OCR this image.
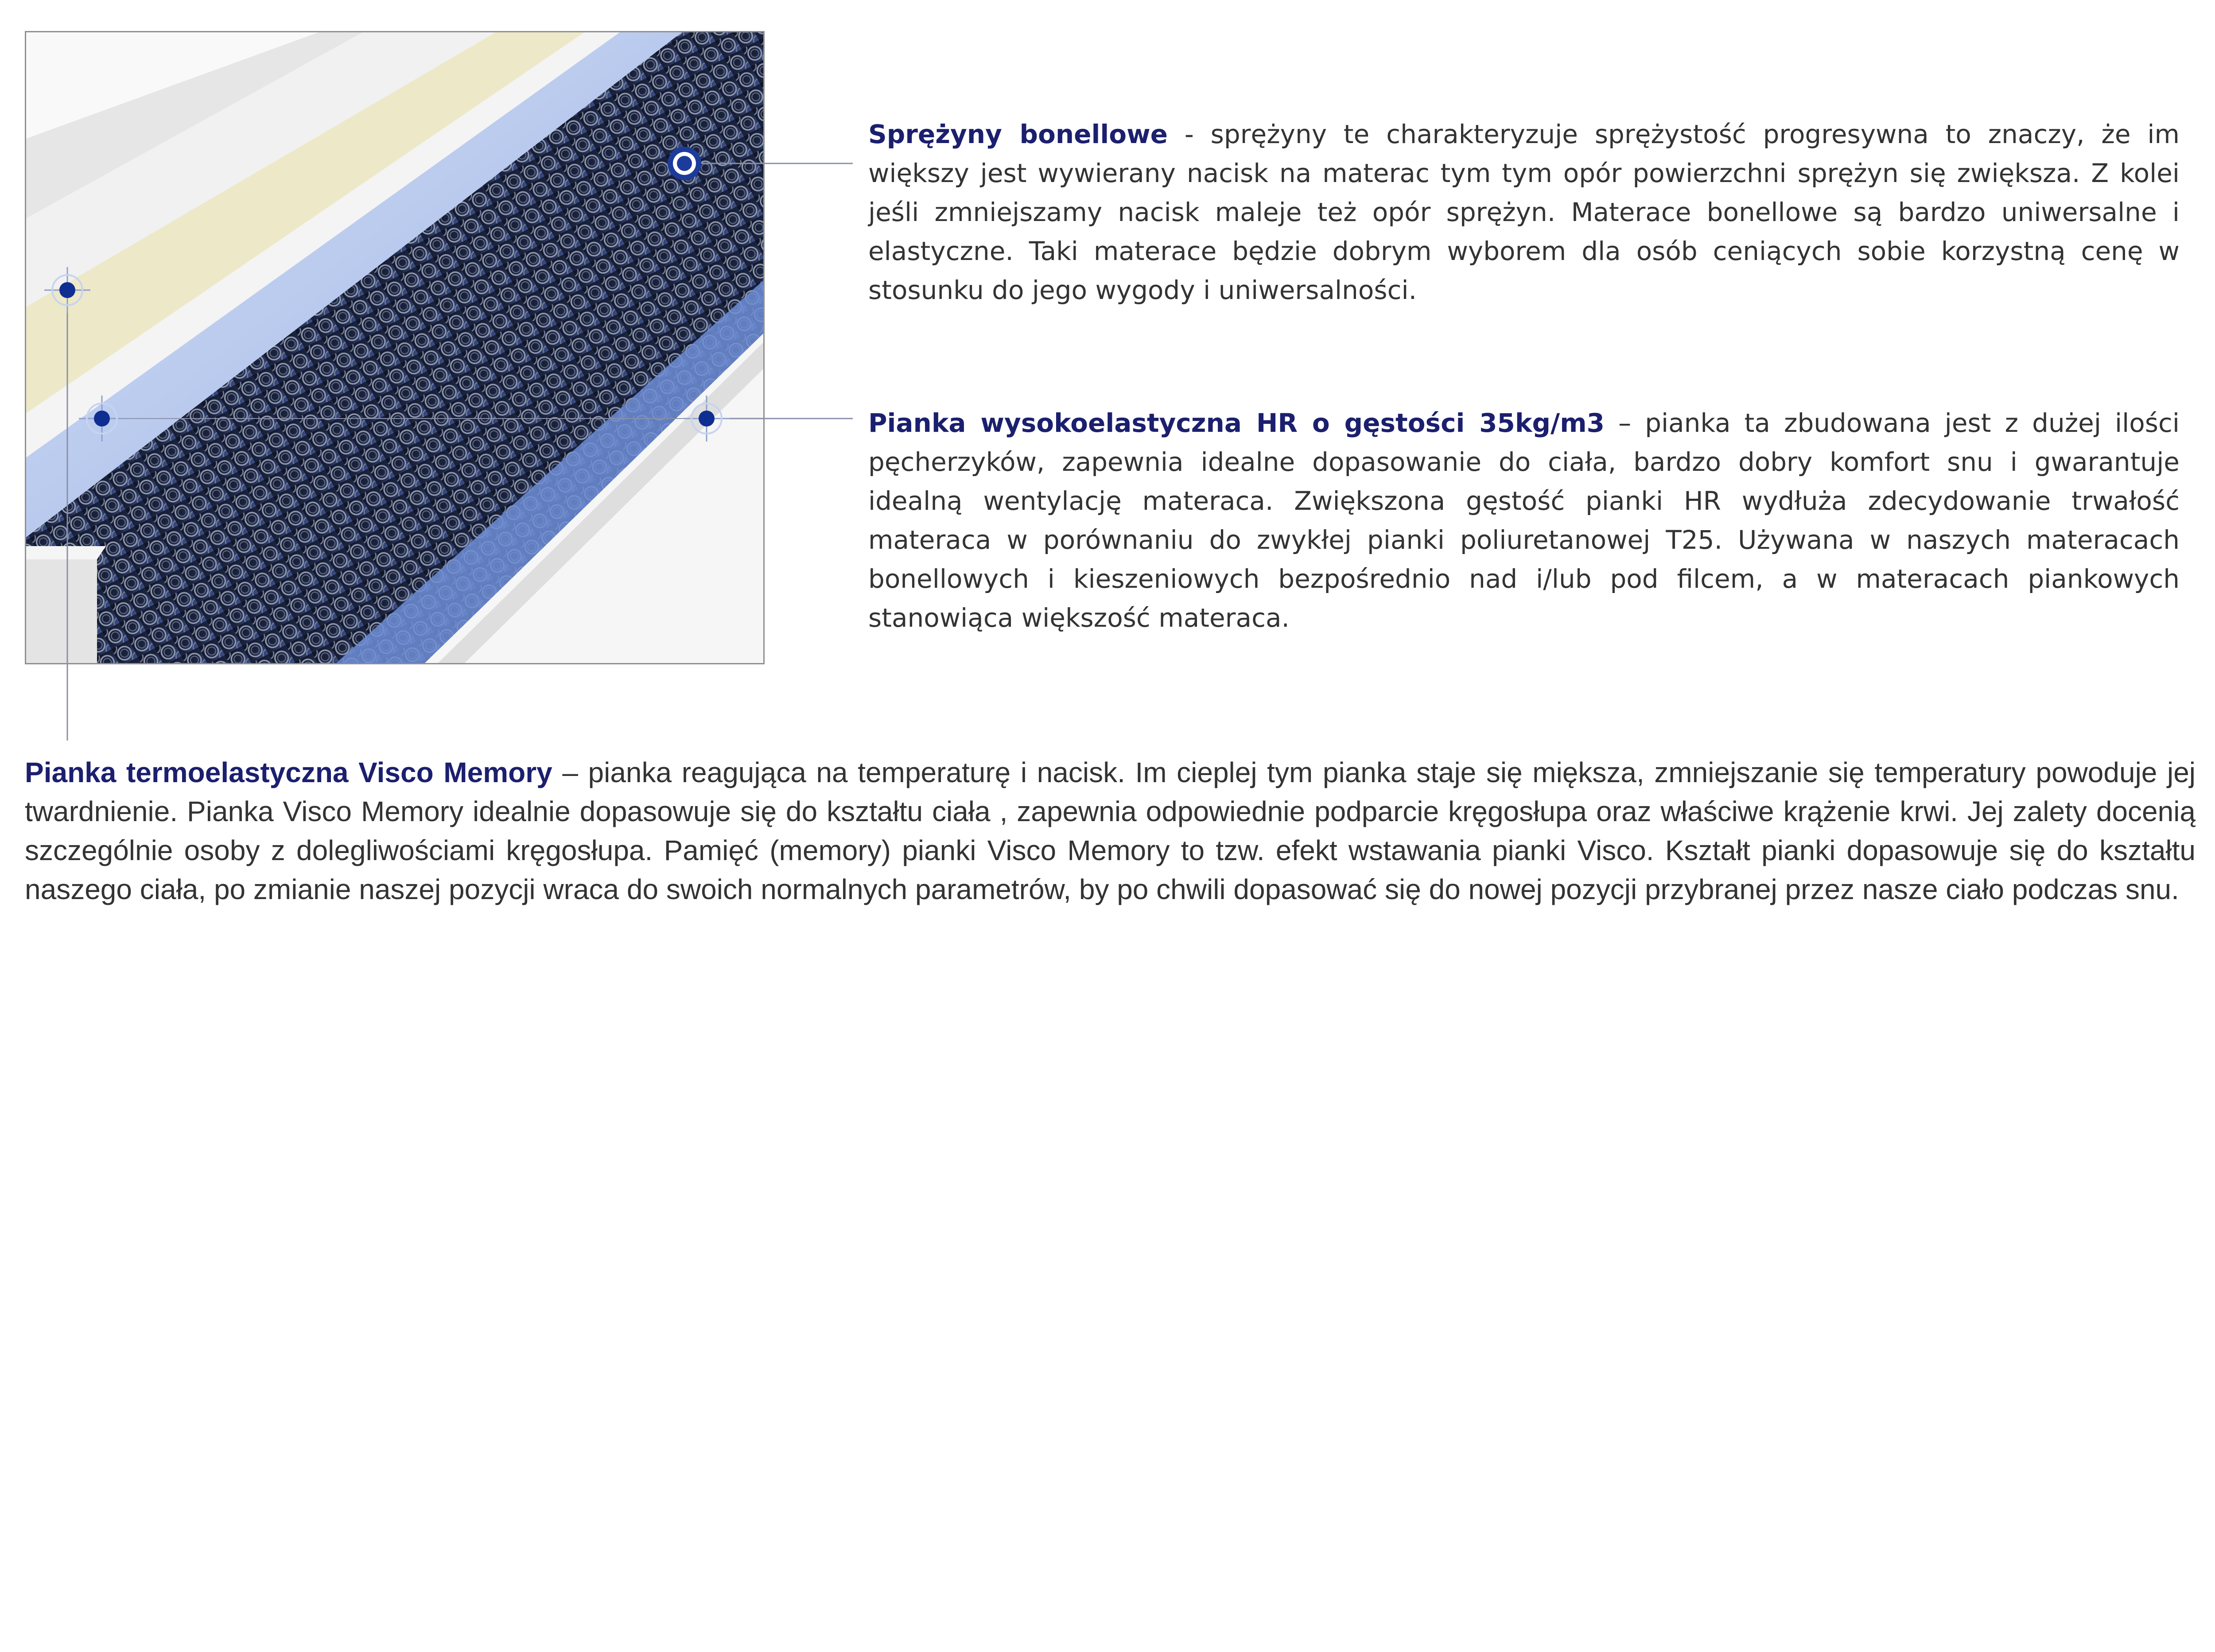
Sprężyny bonellowe - sprężyny te charakteryzuje sprężystość progresywna to znaczy, że im większy jest wywierany nacisk na materac tym tym opór powierzchni sprężyn się zwiększa. Z kolei jeśli zmniejszamy nacisk maleje też opór sprężyn. Materace bonellowe są bardzo uniwersalne i elastyczne. Taki materace będzie dobrym wyborem dla osób ceniących sobie korzystną cenę w stosunku do jego wygody i uniwersalności.

Pianka wysokoelastyczna HR o gęstości 35kg/m3 – pianka ta zbudowana jest z dużej ilości pęcherzyków, zapewnia idealne dopasowanie do ciała, bardzo dobry komfort snu i gwarantuje idealną wentylację materaca. Zwiększona gęstość pianki HR wydłuża zdecydowanie trwałość materaca w porównaniu do zwykłej pianki poliuretanowej T25. Używana w naszych materacach bonellowych i kieszeniowych bezpośrednio nad i/lub pod filcem, a w materacach piankowych stanowiąca większość materaca.

Pianka termoelastyczna Visco Memory – pianka reagująca na temperaturę i nacisk. Im cieplej tym pianka staje się miększa, zmniejszanie się temperatury powoduje jej twardnienie. Pianka Visco Memory idealnie dopasowuje się do kształtu ciała , zapewnia odpowiednie podparcie kręgosłupa oraz właściwe krążenie krwi. Jej zalety docenią szczególnie osoby z dolegliwościami kręgosłupa. Pamięć (memory) pianki Visco Memory to tzw. efekt wstawania pianki Visco. Kształt pianki dopasowuje się do kształtu naszego ciała, po zmianie naszej pozycji wraca do swoich normalnych parametrów, by po chwili dopasować się do nowej pozycji przybranej przez nasze ciało podczas snu.
